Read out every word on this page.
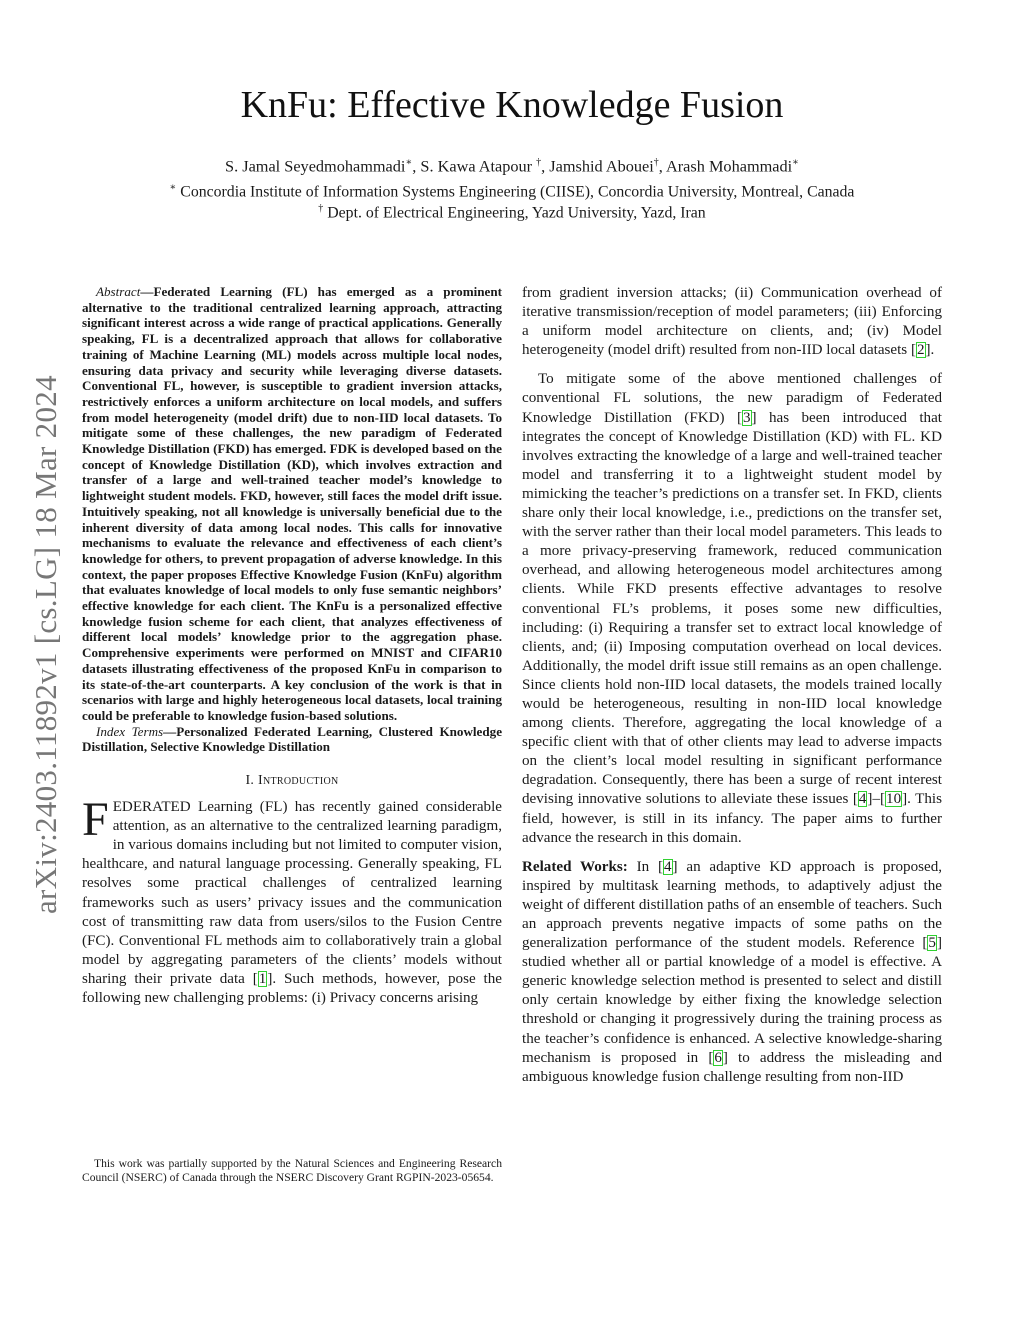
arXiv:2403.11892v1 [cs.LG] 18 Mar 2024
KnFu: Effective Knowledge Fusion
S. Jamal Seyedmohammadi∗, S. Kawa Atapour †, Jamshid Abouei†, Arash Mohammadi∗
∗ Concordia Institute of Information Systems Engineering (CIISE), Concordia University, Montreal, Canada
† Dept. of Electrical Engineering, Yazd University, Yazd, Iran

Abstract—Federated Learning (FL) has emerged as a prominent alternative to the traditional centralized learning approach, attracting significant interest across a wide range of practical applications. Generally speaking, FL is a decentralized approach that allows for collaborative training of Machine Learning (ML) models across multiple local nodes, ensuring data privacy and security while leveraging diverse datasets. Conventional FL, however, is susceptible to gradient inversion attacks, restrictively enforces a uniform architecture on local models, and suffers from model heterogeneity (model drift) due to non-IID local datasets. To mitigate some of these challenges, the new paradigm of Federated Knowledge Distillation (FKD) has emerged. FDK is developed based on the concept of Knowledge Distillation (KD), which involves extraction and transfer of a large and well-trained teacher model’s knowledge to lightweight student models. FKD, however, still faces the model drift issue. Intuitively speaking, not all knowledge is universally beneficial due to the inherent diversity of data among local nodes. This calls for innovative mechanisms to evaluate the relevance and effectiveness of each client’s knowledge for others, to prevent propagation of adverse knowledge. In this context, the paper proposes Effective Knowledge Fusion (KnFu) algorithm that evaluates knowledge of local models to only fuse semantic neighbors’ effective knowledge for each client. The KnFu is a personalized effective knowledge fusion scheme for each client, that analyzes effectiveness of different local models’ knowledge prior to the aggregation phase. Comprehensive experiments were performed on MNIST and CIFAR10 datasets illustrating effectiveness of the proposed KnFu in comparison to its state-of-the-art counterparts. A key conclusion of the work is that in scenarios with large and highly heterogeneous local datasets, local training could be preferable to knowledge fusion-based solutions.

Index Terms—Personalized Federated Learning, Clustered Knowledge Distillation, Selective Knowledge Distillation

I. Introduction

FEDERATED Learning (FL) has recently gained considerable attention, as an alternative to the centralized learning paradigm, in various domains including but not limited to computer vision, healthcare, and natural language processing. Generally speaking, FL resolves some practical challenges of centralized learning frameworks such as users’ privacy issues and the communication cost of transmitting raw data from users/silos to the Fusion Centre (FC). Conventional FL methods aim to collaboratively train a global model by aggregating parameters of the clients’ models without sharing their private data [1]. Such methods, however, pose the following new challenging problems: (i) Privacy concerns arising

This work was partially supported by the Natural Sciences and Engineering Research Council (NSERC) of Canada through the NSERC Discovery Grant RGPIN-2023-05654.

from gradient inversion attacks; (ii) Communication overhead of iterative transmission/reception of model parameters; (iii) Enforcing a uniform model architecture on clients, and; (iv) Model heterogeneity (model drift) resulted from non-IID local datasets [2].

To mitigate some of the above mentioned challenges of conventional FL solutions, the new paradigm of Federated Knowledge Distillation (FKD) [3] has been introduced that integrates the concept of Knowledge Distillation (KD) with FL. KD involves extracting the knowledge of a large and well-trained teacher model and transferring it to a lightweight student model by mimicking the teacher’s predictions on a transfer set. In FKD, clients share only their local knowledge, i.e., predictions on the transfer set, with the server rather than their local model parameters. This leads to a more privacy-preserving framework, reduced communication overhead, and allowing heterogeneous model architectures among clients. While FKD presents effective advantages to resolve conventional FL’s problems, it poses some new difficulties, including: (i) Requiring a transfer set to extract local knowledge of clients, and; (ii) Imposing computation overhead on local devices. Additionally, the model drift issue still remains as an open challenge. Since clients hold non-IID local datasets, the models trained locally would be heterogeneous, resulting in non-IID local knowledge among clients. Therefore, aggregating the local knowledge of a specific client with that of other clients may lead to adverse impacts on the client’s local model resulting in significant performance degradation. Consequently, there has been a surge of recent interest devising innovative solutions to alleviate these issues [4]–[10]. This field, however, is still in its infancy. The paper aims to further advance the research in this domain.

Related Works: In [4] an adaptive KD approach is proposed, inspired by multitask learning methods, to adaptively adjust the weight of different distillation paths of an ensemble of teachers. Such an approach prevents negative impacts of some paths on the generalization performance of the student models. Reference [5] studied whether all or partial knowledge of a model is effective. A generic knowledge selection method is presented to select and distill only certain knowledge by either fixing the knowledge selection threshold or changing it progressively during the training process as the teacher’s confidence is enhanced. A selective knowledge-sharing mechanism is proposed in [6] to address the misleading and ambiguous knowledge fusion challenge resulting from non-IID
